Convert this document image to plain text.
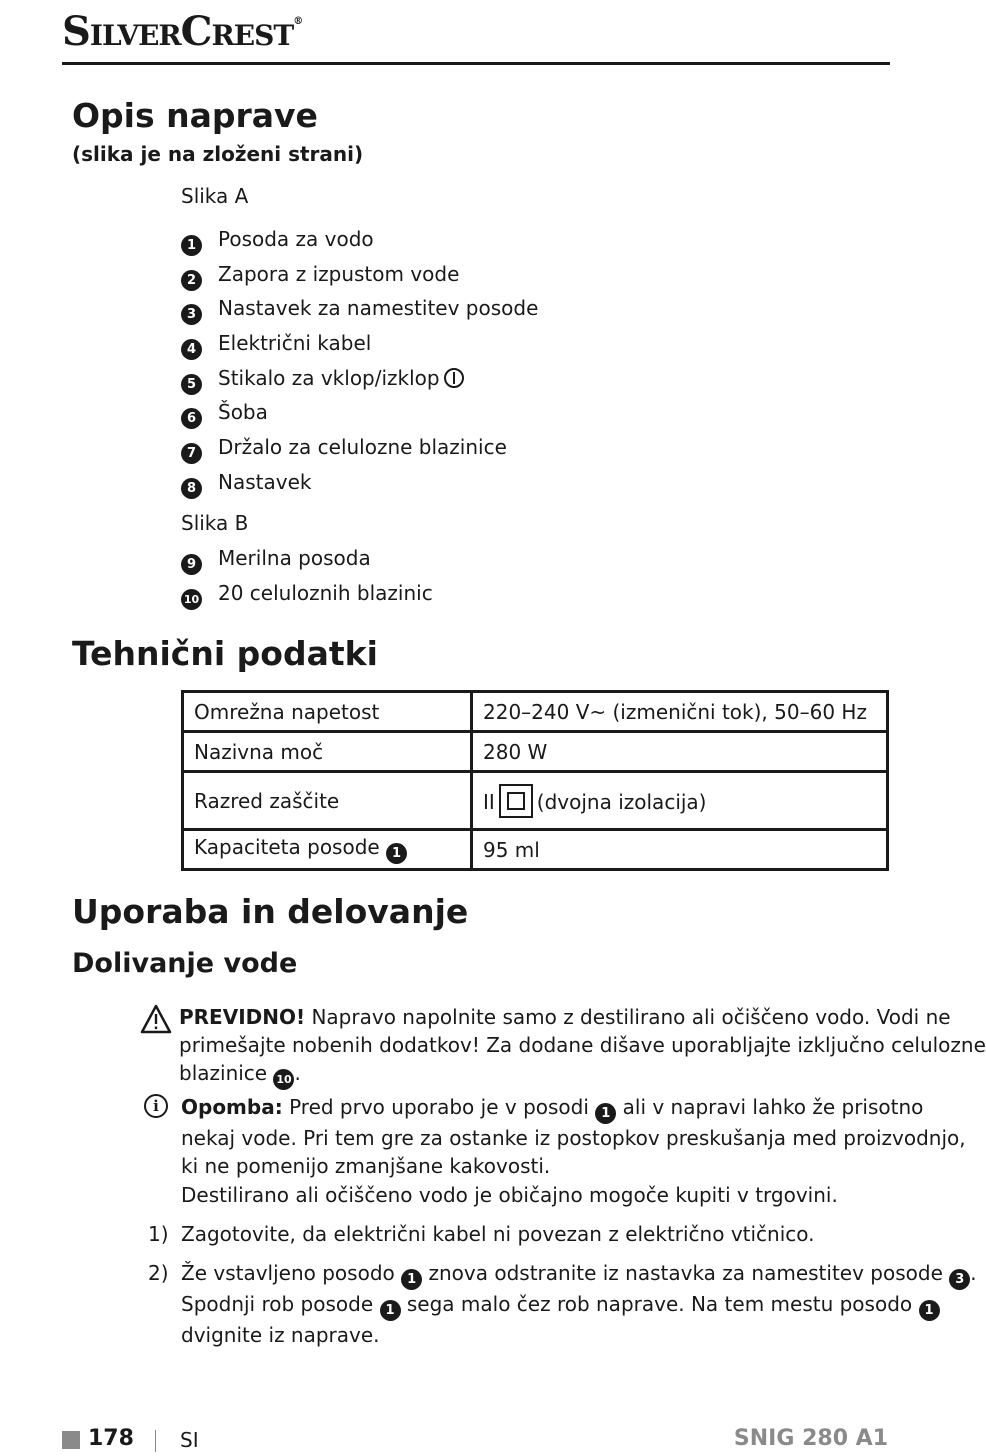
SilverCrest®
Opis naprave
(slika je na zloženi strani)
Slika A
1 Posoda za vodo
2 Zapora z izpustom vode
3 Nastavek za namestitev posode
4 Električni kabel
5 Stikalo za vklop/izklop
6 Šoba
7 Držalo za celulozne blazinice
8 Nastavek
Slika B
9 Merilna posoda
10 20 celuloznih blazinic
Tehnični podatki
Omrežna napetost	220–240 V~ (izmenični tok), 50–60 Hz
Nazivna moč	280 W
Razred zaščite	II (dvojna izolacija)
Kapaciteta posode 1	95 ml
Uporaba in delovanje
Dolivanje vode
PREVIDNO! Napravo napolnite samo z destilirano ali očiščeno vodo. Vodi ne
primešajte nobenih dodatkov! Za dodane dišave uporabljajte izključno celulozne
blazinice 10 .
i	Opomba: Pred prvo uporabo je v posodi 1 ali v napravi lahko že prisotno
nekaj vode. Pri tem gre za ostanke iz postopkov preskušanja med proizvodnjo,
ki ne pomenijo zmanjšane kakovosti.
Destilirano ali očiščeno vodo je običajno mogoče kupiti v trgovini.
1) Zagotovite, da električni kabel ni povezan z električno vtičnico.
2) Že vstavljeno posodo 1 znova odstranite iz nastavka za namestitev posode 3 .
Spodnji rob posode 1 sega malo čez rob naprave. Na tem mestu posodo 1
dvignite iz naprave.
178 SI	SNIG 280 A1
